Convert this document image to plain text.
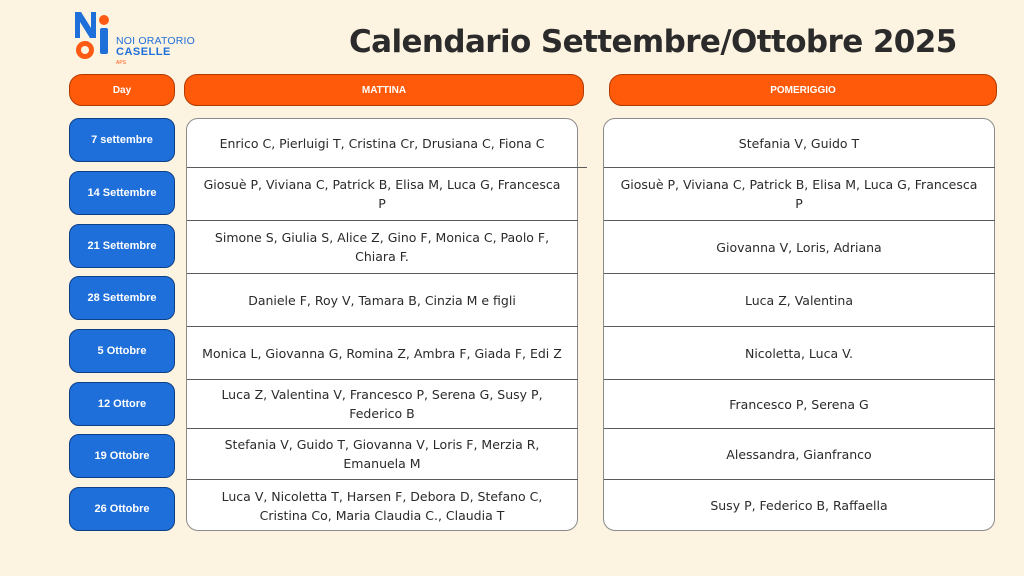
NOI ORATORIO
CASELLE
APS
Calendario Settembre/Ottobre 2025
Day	MATTINA	POMERIGGIO
7 settembre
14 Settembre
21 Settembre
28 Settembre
5 Ottobre
12 Ottore
19 Ottobre
26 Ottobre
Enrico C, Pierluigi T, Cristina Cr, Drusiana C, Fiona C
Giosuè P, Viviana C, Patrick B, Elisa M, Luca G, Francesca P
Simone S, Giulia S, Alice Z, Gino F, Monica C, Paolo F, Chiara F.
Daniele F, Roy V, Tamara B, Cinzia M e figli
Monica L, Giovanna G, Romina Z, Ambra F, Giada F, Edi Z
Luca Z, Valentina V, Francesco P, Serena G, Susy P, Federico B
Stefania V, Guido T, Giovanna V, Loris F, Merzia R, Emanuela M
Luca V, Nicoletta T, Harsen F, Debora D, Stefano C, Cristina Co, Maria Claudia C., Claudia T
Stefania V, Guido T
Giosuè P, Viviana C, Patrick B, Elisa M, Luca G, Francesca P
Giovanna V, Loris, Adriana
Luca Z, Valentina
Nicoletta, Luca V.
Francesco P, Serena G
Alessandra, Gianfranco
Susy P, Federico B, Raffaella
